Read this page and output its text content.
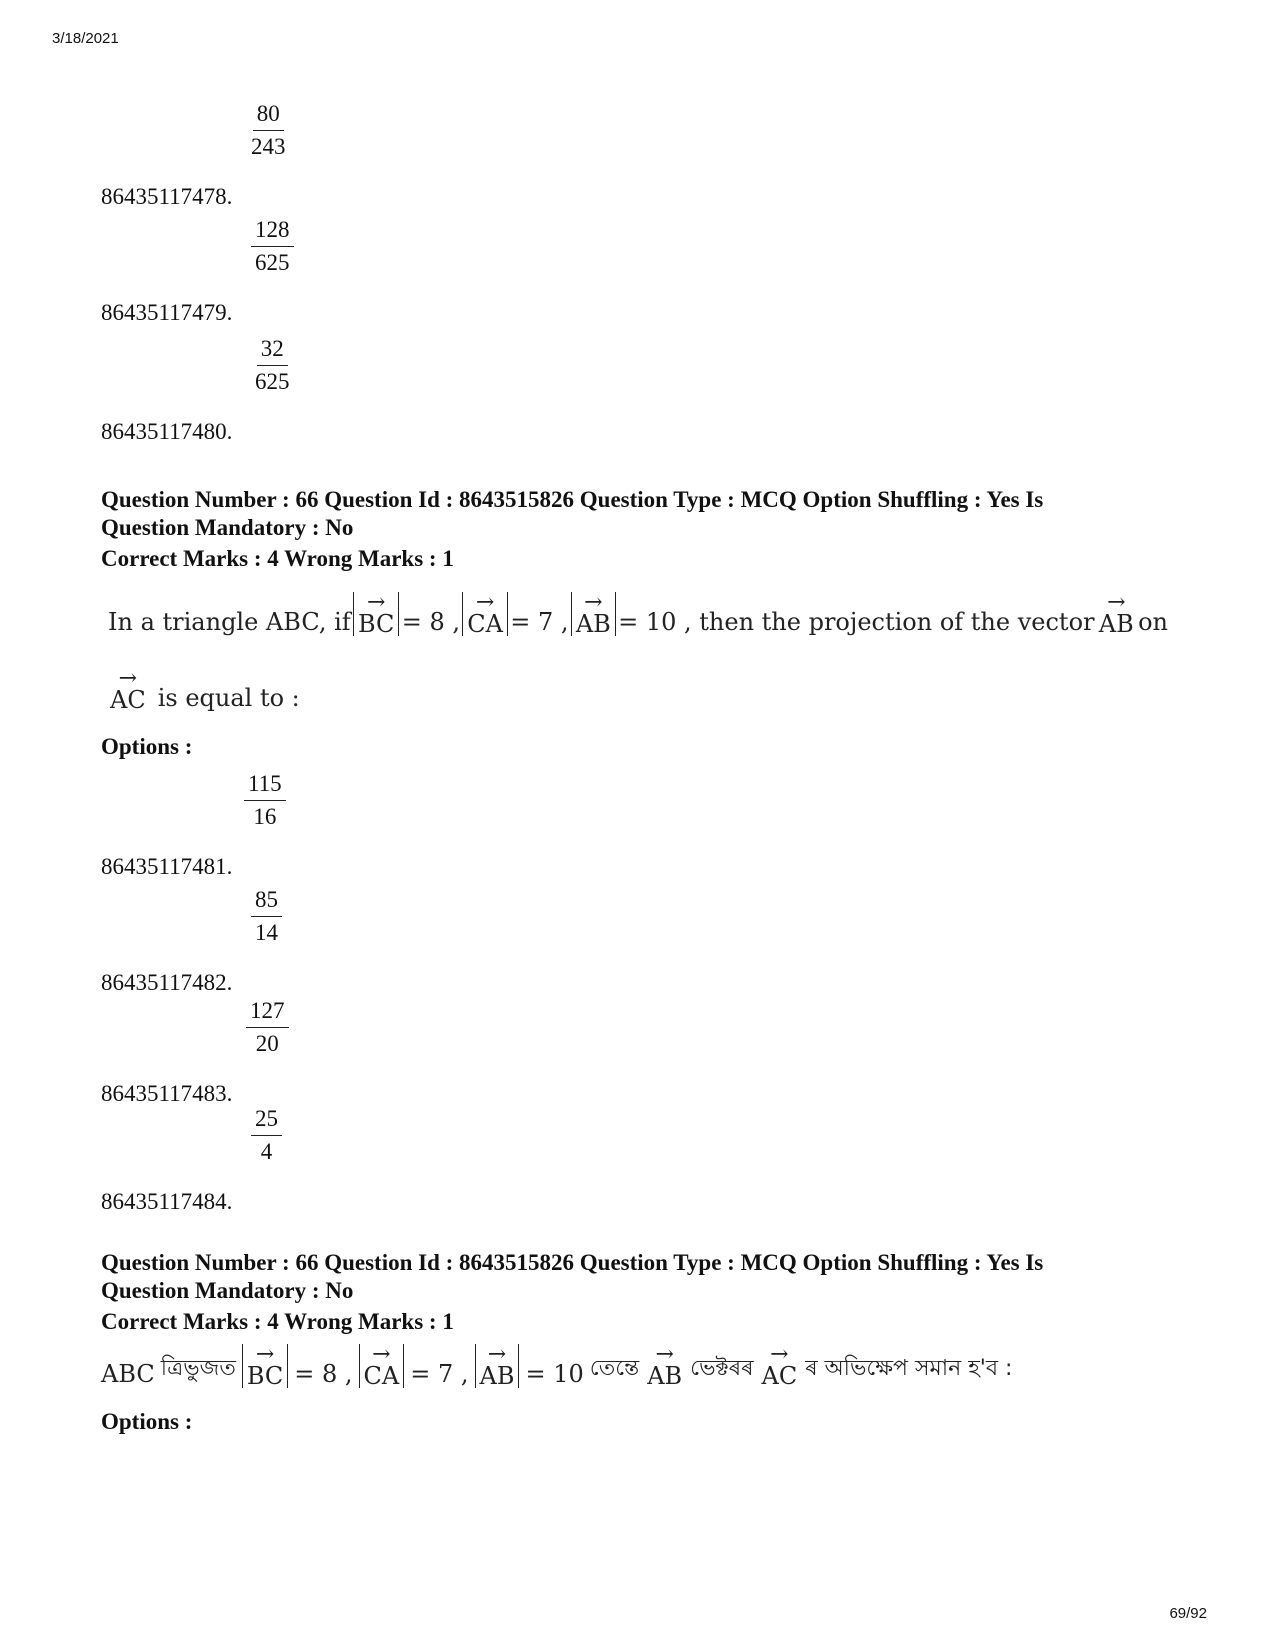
3/18/2021
$\frac{80}{243}$
86435117478.
$\frac{128}{625}$
86435117479.
$\frac{32}{625}$
86435117480.
Question Number : 66 Question Id : 8643515826 Question Type : MCQ Option Shuffling : Yes Is
Question Mandatory : No
Correct Marks : 4 Wrong Marks : 1
In a triangle ABC, if
→
BC = 8 ,
→
CA = 7 ,
→
AB = 10 , then the projection of the vector
→
AB on
→
AC is equal to :
Options :
$\frac{115}{16}$
86435117481.
$\frac{85}{14}$
86435117482.
$\frac{127}{20}$
86435117483.
$\frac{25}{4}$
86435117484.
Question Number : 66 Question Id : 8643515826 Question Type : MCQ Option Shuffling : Yes Is
Question Mandatory : No
Correct Marks : 4 Wrong Marks : 1
ABC ত্ৰিভুজত
→
BC = 8 ,
→
CA = 7 ,
→
AB = 10 তেন্তে
→
AB ভেক্টৰৰ
→
AC ৰ অভিক্ষেপ সমান হ'ব :
Options :
69/92
